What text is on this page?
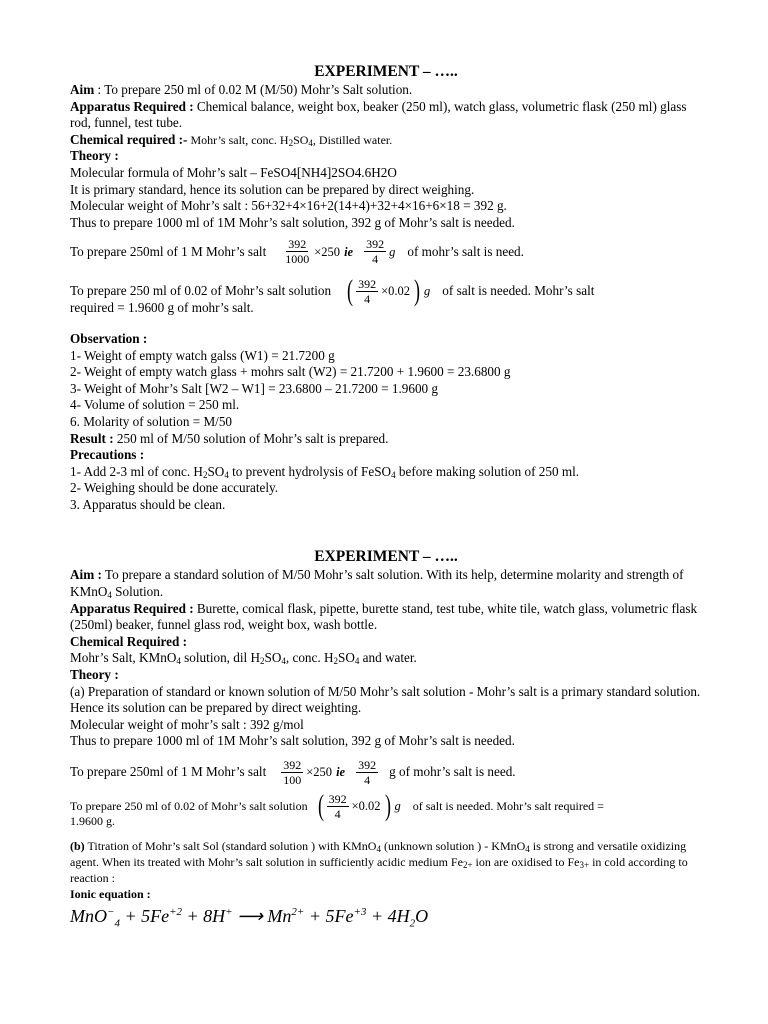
EXPERIMENT – …..

Aim : To prepare 250 ml of 0.02 M (M/50) Mohr’s Salt solution.

Apparatus Required : Chemical balance, weight box, beaker (250 ml), watch glass, volumetric flask (250 ml) glass rod, funnel, test tube.

Chemical required :- Mohr’s salt, conc. $H_2SO_4$, Distilled water.

Theory :

Molecular formula of Mohr’s salt – FeSO4[NH4]2SO4.6H2O

It is primary standard, hence its solution can be prepared by direct weighing.

Molecular weight of Mohr’s salt : 56+32+4×16+2(14+4)+32+4×16+6×18 = 392 g.

Thus to prepare 1000 ml of 1M Mohr’s salt solution, 392 g of Mohr’s salt is needed.

To prepare 250ml of 1 M Mohr’s salt $\frac{392}{1000} \times 250$ ie $\frac{392}{4}$ g of mohr’s salt is need.
To prepare 250 ml of 0.02 of Mohr’s salt solution ( $\frac{392}{4} \times 0.02$ ) g of salt is needed. Mohr’s salt

required = 1.9600 g of mohr’s salt.

Observation :

1- Weight of empty watch galss (W1) = 21.7200 g

2- Weight of empty watch glass + mohrs salt (W2) = 21.7200 + 1.9600 = 23.6800 g

3- Weight of Mohr’s Salt [W2 – W1] = 23.6800 – 21.7200 = 1.9600 g

4- Volume of solution = 250 ml.

6. Molarity of solution = M/50

Result : 250 ml of M/50 solution of Mohr’s salt is prepared.

Precautions :

1- Add 2-3 ml of conc. $H_2SO_4$ to prevent hydrolysis of FeSO$_4$ before making solution of 250 ml.

2- Weighing should be done accurately.

3. Apparatus should be clean.

EXPERIMENT – …..

Aim : To prepare a standard solution of M/50 Mohr’s salt solution. With its help, determine molarity and strength of KMnO$_4$ Solution.

Apparatus Required : Burette, comical flask, pipette, burette stand, test tube, white tile, watch glass, volumetric flask (250ml) beaker, funnel glass rod, weight box, wash bottle.

Chemical Required :

Mohr’s Salt, KMnO$_4$ solution, dil $H_2SO_4$, conc. $H_2SO_4$ and water.

Theory :

(a) Preparation of standard or known solution of M/50 Mohr’s salt solution - Mohr’s salt is a primary standard solution. Hence its solution can be prepared by direct weighting.

Molecular weight of mohr’s salt : 392 g/mol

Thus to prepare 1000 ml of 1M Mohr’s salt solution, 392 g of Mohr’s salt is needed.

To prepare 250ml of 1 M Mohr’s salt $\frac{392}{100} \times 250$ ie $\frac{392}{4}$ g of mohr’s salt is need.
To prepare 250 ml of 0.02 of Mohr’s salt solution ( $\frac{392}{4} \times 0.02$ ) g of salt is needed. Mohr’s salt required =

1.9600 g.

(b) Titration of Mohr’s salt Sol (standard solution ) with KMnO$_4$ (unknown solution ) - KMnO$_4$ is strong and versatile oxidizing agent. When its treated with Mohr’s salt solution in sufficiently acidic medium $Fe_{2+}$ ion are oxidised to $Fe_{3+}$ in cold according to reaction :

Ionic equation :

$MnO^-_4 + 5Fe^{+2} + 8H^+$ ⟶ $Mn^{2+} + 5Fe^{+3} + 4H_2O$
